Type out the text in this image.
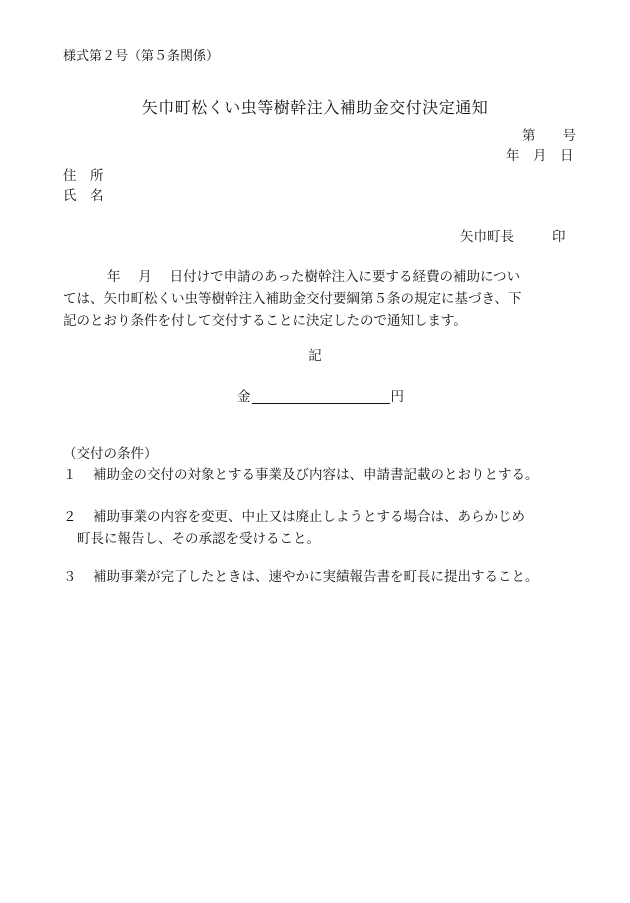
様式第２号（第５条関係）
矢巾町松くい虫等樹幹注入補助金交付決定通知
第　　号
年　月　日
住　所
氏　名
矢巾町長	印
年　 月　 日付けで申請のあった樹幹注入に要する経費の補助につい
ては、矢巾町松くい虫等樹幹注入補助金交付要綱第５条の規定に基づき、下
記のとおり条件を付して交付することに決定したので通知します。
記
金	円
（交付の条件）
１ 補助金の交付の対象とする事業及び内容は、申請書記載のとおりとする。
２ 補助事業の内容を変更、中止又は廃止しようとする場合は、あらかじめ
町長に報告し、その承認を受けること。
３ 補助事業が完了したときは、速やかに実績報告書を町長に提出すること。
